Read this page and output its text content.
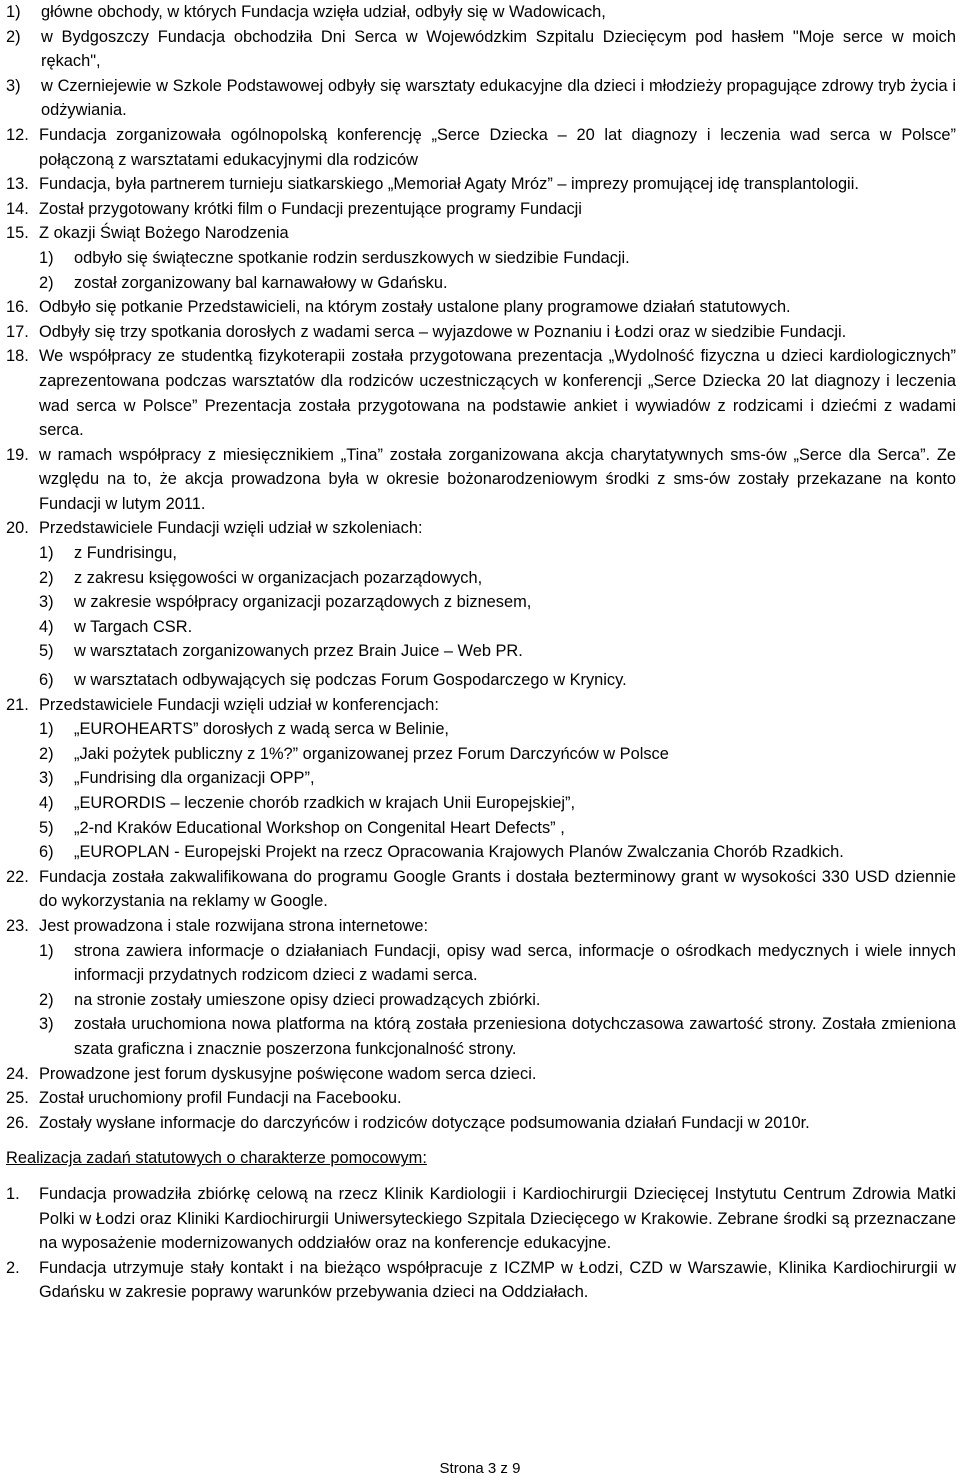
1)	główne obchody, w których Fundacja wzięła udział, odbyły się w Wadowicach,
2)	w Bydgoszczy Fundacja obchodziła Dni Serca w Wojewódzkim Szpitalu Dziecięcym pod hasłem "Moje serce w moich rękach",
3)	w Czerniejewie w Szkole Podstawowej odbyły się warsztaty edukacyjne dla dzieci i młodzieży propagujące zdrowy tryb życia i odżywiania.
12. Fundacja zorganizowała ogólnopolską konferencję „Serce Dziecka – 20 lat diagnozy i leczenia wad serca w Polsce” połączoną z warsztatami edukacyjnymi dla rodziców
13. Fundacja, była partnerem turnieju siatkarskiego „Memoriał Agaty Mróz” – imprezy promującej idę transplantologii.
14. Został przygotowany krótki film o Fundacji prezentujące programy Fundacji
15. Z okazji Świąt Bożego Narodzenia
1)	odbyło się świąteczne spotkanie rodzin serduszkowych w siedzibie Fundacji.
2)	został zorganizowany bal karnawałowy w Gdańsku.
16. Odbyło się potkanie Przedstawicieli, na którym zostały ustalone plany programowe działań statutowych.
17. Odbyły się trzy spotkania dorosłych z wadami serca – wyjazdowe w Poznaniu i Łodzi oraz w siedzibie Fundacji.
18. We współpracy ze studentką fizykoterapii została przygotowana prezentacja „Wydolność fizyczna u dzieci kardiologicznych” zaprezentowana podczas warsztatów dla rodziców uczestniczących w konferencji „Serce Dziecka 20 lat diagnozy i leczenia wad serca w Polsce” Prezentacja została przygotowana na podstawie ankiet i wywiadów z rodzicami i dziećmi z wadami serca.
19. w ramach współpracy z miesięcznikiem „Tina” została zorganizowana akcja charytatywnych sms-ów „Serce dla Serca”. Ze względu na to, że akcja prowadzona była w okresie bożonarodzeniowym środki z sms-ów zostały przekazane na konto Fundacji w lutym 2011.
20. Przedstawiciele Fundacji wzięli udział w szkoleniach:
1)	z Fundrisingu,
2)	z zakresu księgowości w organizacjach pozarządowych,
3)	w zakresie współpracy organizacji pozarządowych z biznesem,
4)	w Targach CSR.
5)	w warsztatach zorganizowanych przez Brain Juice – Web PR.
6)	w warsztatach odbywających się podczas Forum Gospodarczego w Krynicy.
21. Przedstawiciele Fundacji wzięli udział w konferencjach:
1)	„EUROHEARTS” dorosłych z wadą serca w Belinie,
2)	„Jaki pożytek publiczny z 1%?” organizowanej przez Forum Darczyńców w Polsce
3)	„Fundrising dla organizacji OPP”,
4)	„EURORDIS – leczenie chorób rzadkich w krajach Unii Europejskiej”,
5)	„2-nd Kraków Educational Workshop on Congenital Heart Defects” ,
6)	„EUROPLAN - Europejski Projekt na rzecz Opracowania Krajowych Planów Zwalczania Chorób Rzadkich.
22. Fundacja została zakwalifikowana do programu Google Grants i dostała bezterminowy grant w wysokości 330 USD dziennie do wykorzystania na reklamy w Google.
23. Jest prowadzona i stale rozwijana strona internetowe:
1)	strona zawiera informacje o działaniach Fundacji, opisy wad serca, informacje o ośrodkach medycznych i wiele innych informacji przydatnych rodzicom dzieci z wadami serca.
2)	na stronie zostały umieszone opisy dzieci prowadzących zbiórki.
3)	została uruchomiona nowa platforma na którą została przeniesiona dotychczasowa zawartość strony. Została zmieniona szata graficzna i znacznie poszerzona funkcjonalność strony.
24. Prowadzone jest forum dyskusyjne poświęcone wadom serca dzieci.
25. Został uruchomiony profil Fundacji na Facebooku.
26. Zostały wysłane informacje do darczyńców i rodziców dotyczące podsumowania działań Fundacji w 2010r.
Realizacja zadań statutowych o charakterze pomocowym:
1.	Fundacja prowadziła zbiórkę celową na rzecz Klinik Kardiologii i Kardiochirurgii Dziecięcej Instytutu Centrum Zdrowia Matki Polki w Łodzi oraz Kliniki Kardiochirurgii Uniwersyteckiego Szpitala Dziecięcego w Krakowie. Zebrane środki są przeznaczane na wyposażenie modernizowanych oddziałów oraz na konferencje edukacyjne.
2.	Fundacja utrzymuje stały kontakt i na bieżąco współpracuje z ICZMP w Łodzi, CZD w Warszawie, Klinika Kardiochirurgii w Gdańsku w zakresie poprawy warunków przebywania dzieci na Oddziałach.
Strona 3 z 9
